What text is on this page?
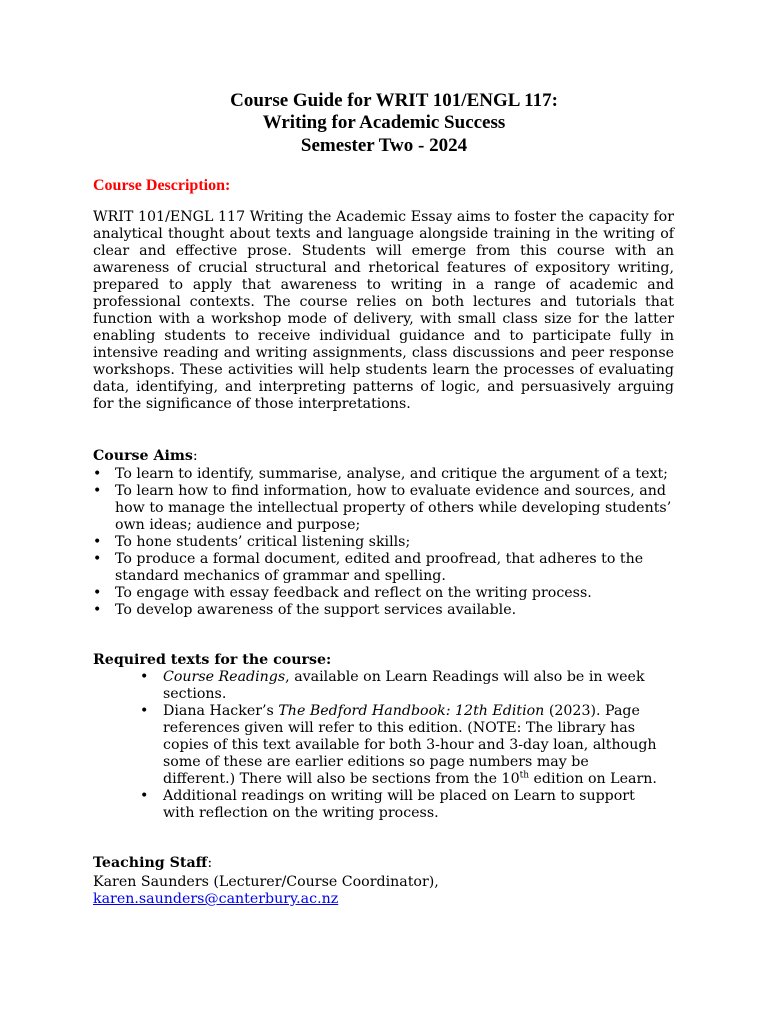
Course Guide for WRIT 101/ENGL 117:
Writing for Academic Success
Semester Two - 2024
Course Description:
WRIT 101/ENGL 117 Writing the Academic Essay aims to foster the capacity for analytical thought about texts and language alongside training in the writing of clear and effective prose. Students will emerge from this course with an awareness of crucial structural and rhetorical features of expository writing, prepared to apply that awareness to writing in a range of academic and professional contexts. The course relies on both lectures and tutorials that function with a workshop mode of delivery, with small class size for the latter enabling students to receive individual guidance and to participate fully in intensive reading and writing assignments, class discussions and peer response workshops. These activities will help students learn the processes of evaluating data, identifying, and interpreting patterns of logic, and persuasively arguing for the significance of those interpretations.
Course Aims:
• To learn to identify, summarise, analyse, and critique the argument of a text;
• To learn how to find information, how to evaluate evidence and sources, and how to manage the intellectual property of others while developing students’ own ideas; audience and purpose;
• To hone students’ critical listening skills;
• To produce a formal document, edited and proofread, that adheres to the standard mechanics of grammar and spelling.
• To engage with essay feedback and reflect on the writing process.
• To develop awareness of the support services available.
Required texts for the course:
• Course Readings, available on Learn Readings will also be in week sections.
• Diana Hacker’s The Bedford Handbook: 12th Edition (2023). Page references given will refer to this edition. (NOTE: The library has copies of this text available for both 3-hour and 3-day loan, although some of these are earlier editions so page numbers may be different.) There will also be sections from the 10th edition on Learn.
• Additional readings on writing will be placed on Learn to support with reflection on the writing process.
Teaching Staff:
Karen Saunders (Lecturer/Course Coordinator),
karen.saunders@canterbury.ac.nz
